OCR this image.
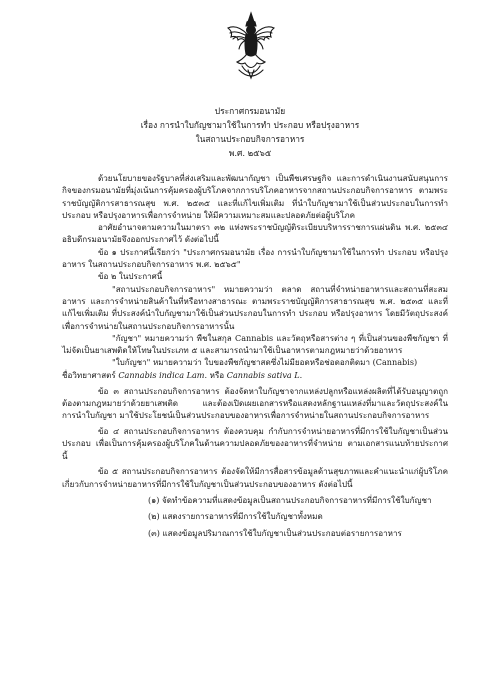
ประกาศกรมอนามัย
เรื่อง การนำใบกัญชามาใช้ในการทำ ประกอบ หรือปรุงอาหาร
ในสถานประกอบกิจการอาหาร
พ.ศ. ๒๕๖๕

ด้วยนโยบายของรัฐบาลที่ส่งเสริมและพัฒนากัญชา เป็นพืชเศรษฐกิจ และการดำเนินงานสนับสนุนการกิจของกรมอนามัยที่มุ่งเน้นการคุ้มครองผู้บริโภคจากการบริโภคอาหารจากสถานประกอบกิจการอาหาร ตามพระราชบัญญัติการสาธารณสุข พ.ศ. ๒๕๓๕ และที่แก้ไขเพิ่มเติม ที่นำใบกัญชามาใช้เป็นส่วนประกอบในการทำ ประกอบ หรือปรุงอาหารเพื่อการจำหน่าย ให้มีความเหมาะสมและปลอดภัยต่อผู้บริโภค

อาศัยอำนาจตามความในมาตรา ๓๒ แห่งพระราชบัญญัติระเบียบบริหารราชการแผ่นดิน พ.ศ. ๒๕๓๔ อธิบดีกรมอนามัยจึงออกประกาศไว้ ดังต่อไปนี้

ข้อ ๑ ประกาศนี้เรียกว่า "ประกาศกรมอนามัย เรื่อง การนำใบกัญชามาใช้ในการทำ ประกอบ หรือปรุงอาหาร ในสถานประกอบกิจการอาหาร พ.ศ. ๒๕๖๕"

ข้อ ๒ ในประกาศนี้

"สถานประกอบกิจการอาหาร" หมายความว่า ตลาด สถานที่จำหน่ายอาหารและสถานที่สะสมอาหาร และการจำหน่ายสินค้าในที่หรือทางสาธารณะ ตามพระราชบัญญัติการสาธารณสุข พ.ศ. ๒๕๓๕ และที่แก้ไขเพิ่มเติม ที่ประสงค์นำใบกัญชามาใช้เป็นส่วนประกอบในการทำ ประกอบ หรือปรุงอาหาร โดยมีวัตถุประสงค์เพื่อการจำหน่ายในสถานประกอบกิจการอาหารนั้น

"กัญชา" หมายความว่า พืชในสกุล Cannabis และวัตถุหรือสารต่าง ๆ ที่เป็นส่วนของพืชกัญชา ที่ไม่จัดเป็นยาเสพติดให้โทษในประเภท ๕ และสามารถนำมาใช้เป็นอาหารตามกฎหมายว่าด้วยอาหาร

"ใบกัญชา" หมายความว่า ใบของพืชกัญชาสดซึ่งไม่มียอดหรือช่อดอกติดมา (Cannabis)

ชื่อวิทยาศาสตร์ Cannabis indica Lam. หรือ Cannabis sativa L.

ข้อ ๓ สถานประกอบกิจการอาหาร ต้องจัดหาใบกัญชาจากแหล่งปลูกหรือแหล่งผลิตที่ได้รับอนุญาตถูกต้องตามกฎหมายว่าด้วยยาเสพติด และต้องเปิดเผยเอกสารหรือแสดงหลักฐานแหล่งที่มาและวัตถุประสงค์ในการนำใบกัญชา มาใช้ประโยชน์เป็นส่วนประกอบของอาหารเพื่อการจำหน่ายในสถานประกอบกิจการอาหาร

ข้อ ๔ สถานประกอบกิจการอาหาร ต้องควบคุม กำกับการจำหน่ายอาหารที่มีการใช้ใบกัญชาเป็นส่วนประกอบ เพื่อเป็นการคุ้มครองผู้บริโภคในด้านความปลอดภัยของอาหารที่จำหน่าย ตามเอกสารแนบท้ายประกาศนี้

ข้อ ๕ สถานประกอบกิจการอาหาร ต้องจัดให้มีการสื่อสารข้อมูลด้านสุขภาพและคำแนะนำแก่ผู้บริโภคเกี่ยวกับการจำหน่ายอาหารที่มีการใช้ใบกัญชาเป็นส่วนประกอบของอาหาร ดังต่อไปนี้

(๑) จัดทำข้อความที่แสดงข้อมูลเป็นสถานประกอบกิจการอาหารที่มีการใช้ใบกัญชา

(๒) แสดงรายการอาหารที่มีการใช้ใบกัญชาทั้งหมด

(๓) แสดงข้อมูลปริมาณการใช้ใบกัญชาเป็นส่วนประกอบต่อรายการอาหาร
